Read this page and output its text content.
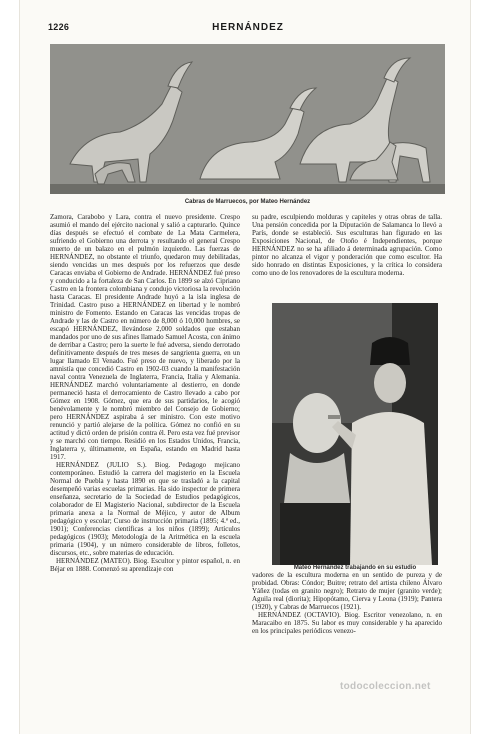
1226	HERNÁNDEZ
Cabras de Marruecos, por Mateo Hernández

Zamora, Carabobo y Lara, contra el nuevo presidente. Crespo asumió el mando del ejército nacional y salió a capturarlo. Quince días después se efectuó el combate de La Mata Carmelera, sufriendo el Gobierno una derrota y resultando el general Crespo muerto de un balazo en el pulmón izquierdo. Las fuerzas de HERNÁNDEZ, no obstante el triunfo, quedaron muy debilitadas, siendo vencidas un mes después por los refuerzos que desde Caracas enviaba el Gobierno de Andrade. HERNÁNDEZ fué preso y conducido a la fortaleza de San Carlos. En 1899 se alzó Cipriano Castro en la frontera colombiana y condujo victoriosa la revolución hasta Caracas. El presidente Andrade huyó a la isla inglesa de Trinidad. Castro puso a HERNÁNDEZ en libertad y le nombró ministro de Fomento. Estando en Caracas las vencidas tropas de Andrade y las de Castro en número de 8,000 ó 10,000 hombres, se escapó HERNÁNDEZ, llevándose 2,000 soldados que estaban mandados por uno de sus afines llamado Samuel Acosta, con ánimo de derribar a Castro; pero la suerte le fué adversa, siendo derrotado definitivamente después de tres meses de sangrienta guerra, en un lugar llamado El Venado. Fué preso de nuevo, y liberado por la amnistía que concedió Castro en 1902-03 cuando la manifestación naval contra Venezuela de Inglaterra, Francia, Italia y Alemania. HERNÁNDEZ marchó voluntariamente al destierro, en donde permaneció hasta el derrocamiento de Castro llevado a cabo por Gómez en 1908. Gómez, que era de sus partidarios, le acogió benévolamente y le nombró miembro del Consejo de Gobierno; pero HERNÁNDEZ aspiraba á ser ministro. Con este motivo renunció y partió alejarse de la política. Gómez no confió en su actitud y dictó orden de prisión contra él. Pero esta vez fué previsor y se marchó con tiempo. Residió en los Estados Unidos, Francia, Inglaterra y, últimamente, en España, estando en Madrid hasta 1917.

HERNÁNDEZ (JULIO S.). Biog. Pedagogo mejicano contemporáneo. Estudió la carrera del magisterio en la Escuela Normal de Puebla y hasta 1890 en que se trasladó a la capital desempeñó varias escuelas primarias. Ha sido inspector de primera enseñanza, secretario de la Sociedad de Estudios pedagógicos, colaborador de El Magisterio Nacional, subdirector de la Escuela primaria anexa a la Normal de Méjico, y autor de Album pedagógico y escolar; Curso de instrucción primaria (1895; 4.ª ed., 1901); Conferencias científicas a los niños (1899); Artículos pedagógicos (1903); Metodología de la Aritmética en la escuela primaria (1904), y un número considerable de libros, folletos, discursos, etc., sobre materias de educación.

HERNÁNDEZ (MATEO). Biog. Escultor y pintor español, n. en Béjar en 1888. Comenzó su aprendizaje con

su padre, esculpiendo molduras y capiteles y otras obras de talla. Una pensión concedida por la Diputación de Salamanca lo llevó a París, donde se estableció. Sus esculturas han figurado en las Exposiciones Nacional, de Otoño é Independientes, porque HERNÁNDEZ no se ha afiliado á determinada agrupación. Como pintor no alcanza el vigor y ponderación que como escultor. Ha sido honrado en distintas Exposiciones, y la crítica lo considera como uno de los renovadores de la escultura moderna.

Mateo Hernández trabajando en su estudio

vadores de la escultura moderna en un sentido de pureza y de probidad. Obras: Cóndor; Buitre; retrato del artista chileno Álvaro Yáñez (todas en granito negro); Retrato de mujer (granito verde); Aguila real (diorita); Hipopótamo, Cierva y Leona (1919); Pantera (1920), y Cabras de Marruecos (1921).

HERNÁNDEZ (OCTAVIO). Biog. Escritor venezolano, n. en Maracaibo en 1875. Su labor es muy considerable y ha aparecido en los principales periódicos venezo-

todocoleccion.net
